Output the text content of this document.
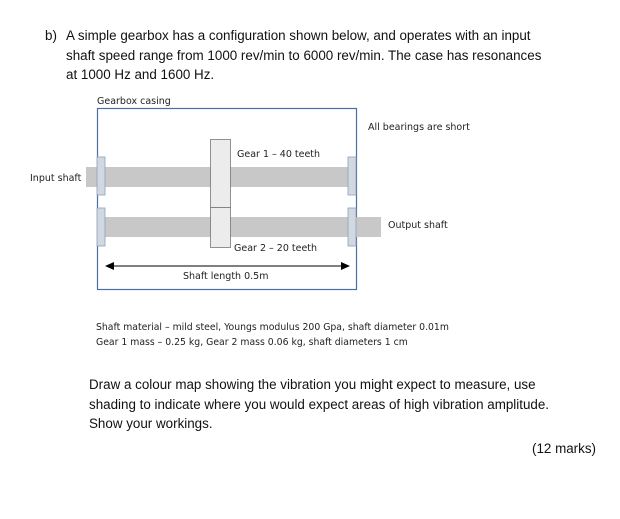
b) A simple gearbox has a configuration shown below, and operates with an input
shaft speed range from 1000 rev/min to 6000 rev/min. The case has resonances
at 1000 Hz and 1600 Hz.
Gearbox casing
All bearings are short
Gear 1 – 40 teeth
Gear 2 – 20 teeth
Input shaft
Output shaft
Shaft length 0.5m
Shaft material – mild steel, Youngs modulus 200 Gpa, shaft diameter 0.01m
Gear 1 mass – 0.25 kg, Gear 2 mass 0.06 kg, shaft diameters 1 cm
Draw a colour map showing the vibration you might expect to measure, use
shading to indicate where you would expect areas of high vibration amplitude.
Show your workings.
(12 marks)
